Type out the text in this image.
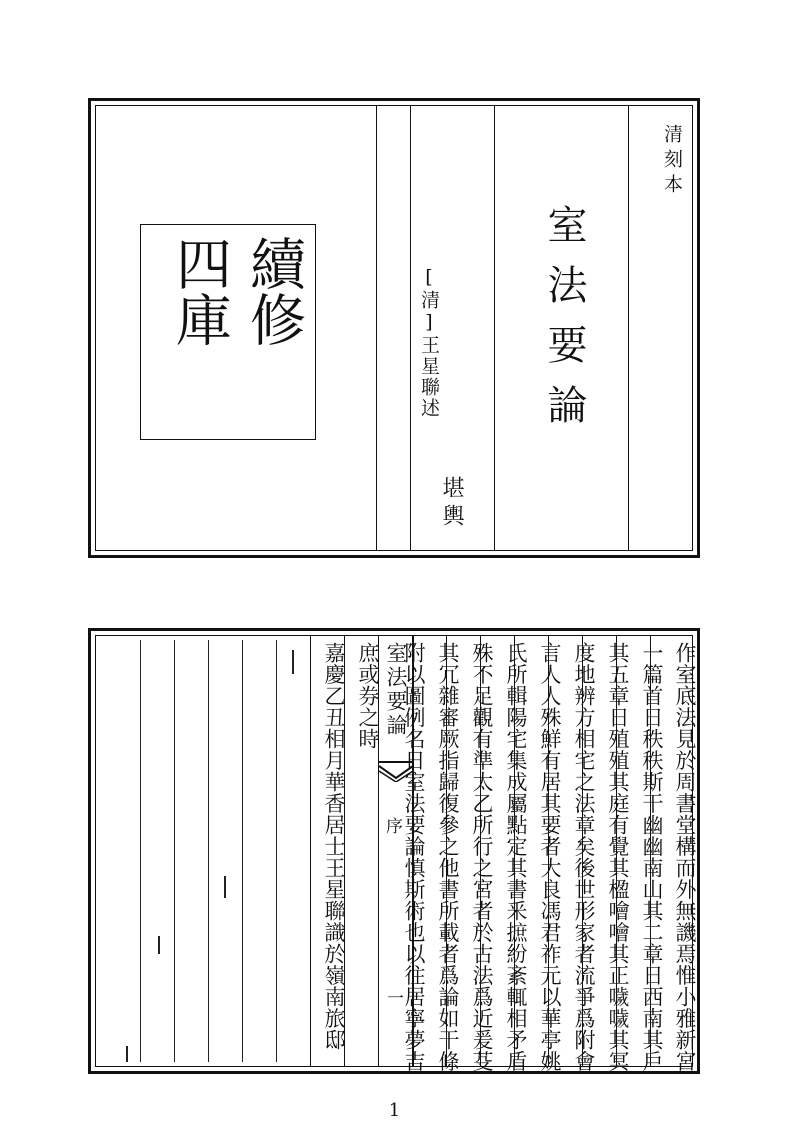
清刻本
室法要論
[清]王星聯述
堪輿
續修
四庫
作室底法見於周書堂構而外無譏焉惟小雅新宮
一篇首日秩秩斯干幽幽南山其二章日西南其戶
其五章日殖殖其庭有覺其楹噲噲其正噦噦其冥
度地辨方相宅之法章矣後世形家者流爭爲附會
言人人殊鮮有居其要者大良馮君祚元以華亭姚
氏所輯陽宅集成屬點定其書釆摭紛紊輒相矛盾
殊不足觀有準太乙所行之宮者於古法爲近爰芟
其冗雜審厥指歸復參之他書所載者爲論如干條
附以圖例名日室法要論慎斯術也以往居寧夢吉
室法要論
序
一
庶或券之時
嘉慶乙丑相月華香居士王星聯識於嶺南旅邸
1
